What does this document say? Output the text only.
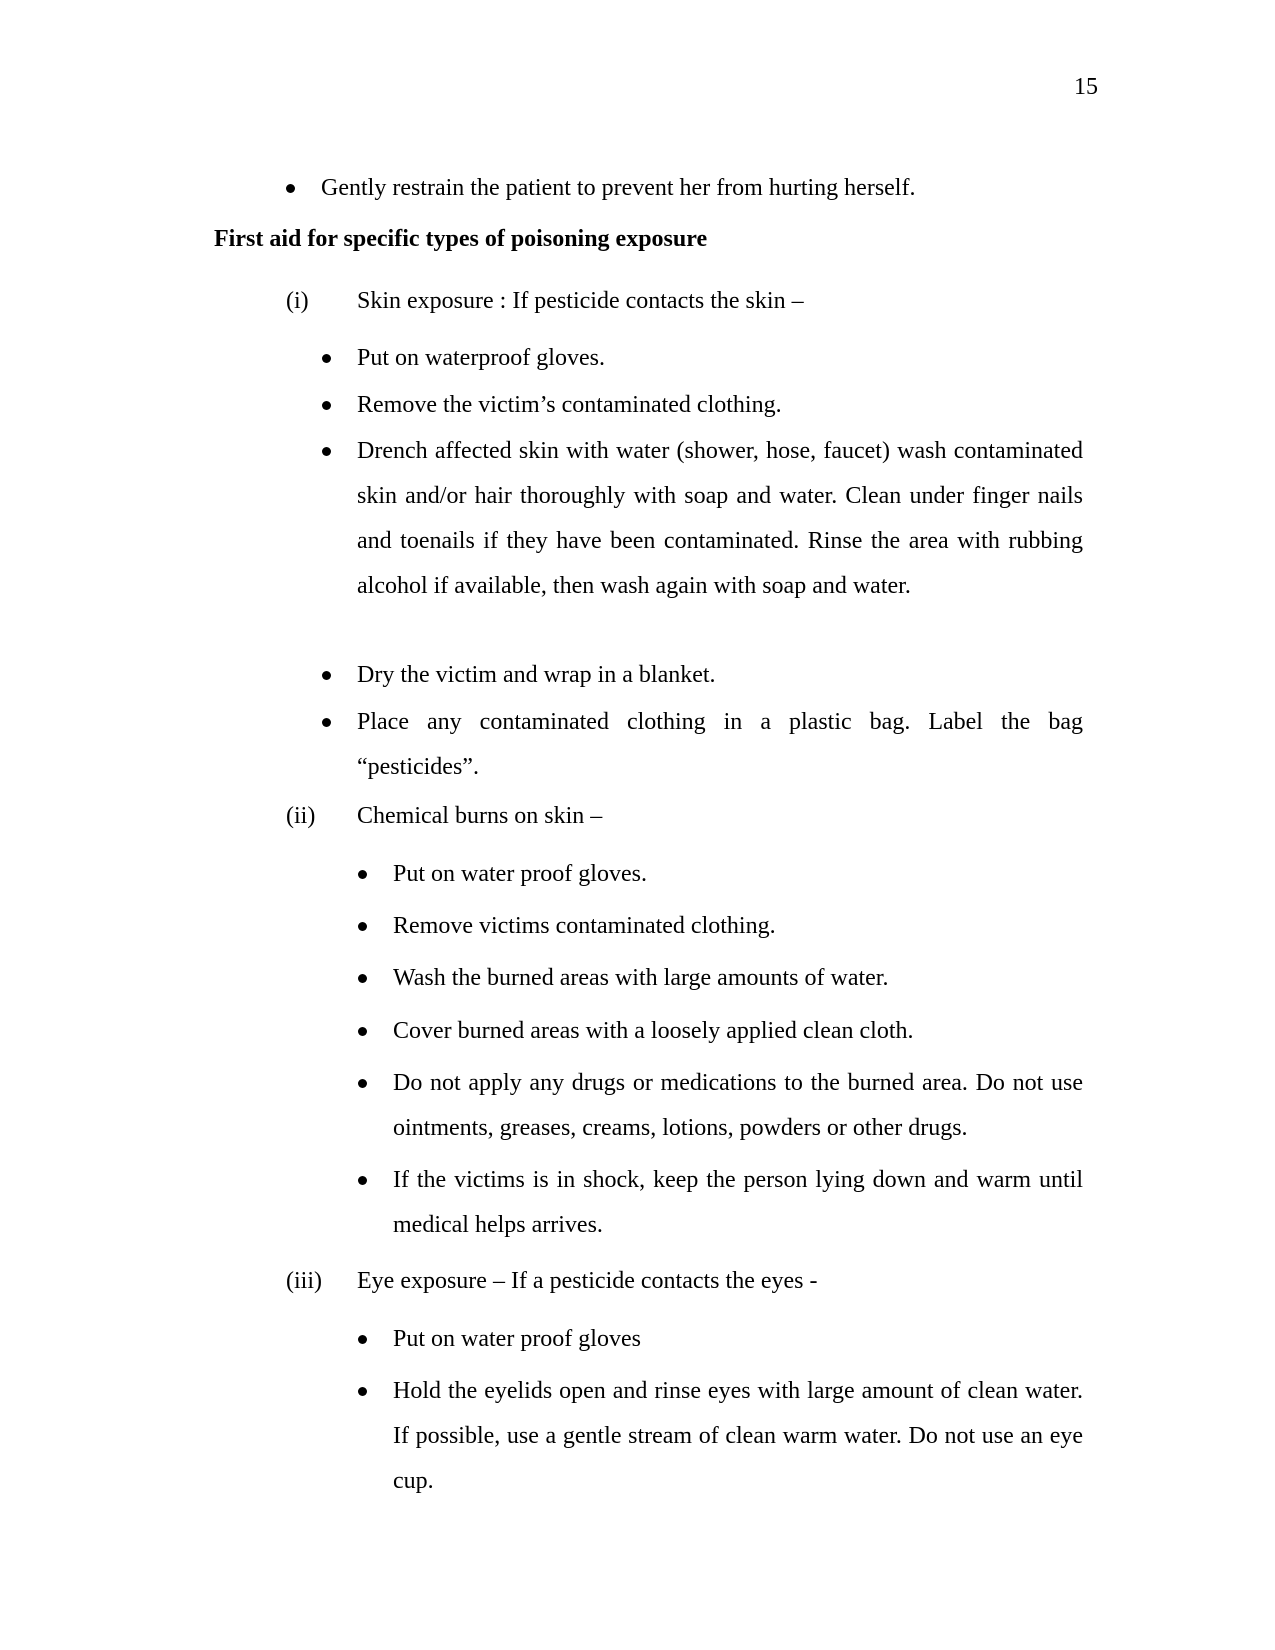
15
Gently restrain the patient to prevent her from hurting herself.
First aid for specific types of poisoning exposure
(i) Skin exposure : If pesticide contacts the skin –
Put on waterproof gloves.
Remove the victim’s contaminated clothing.
Drench affected skin with water (shower, hose, faucet) wash contaminated skin and/or hair thoroughly with soap and water. Clean under finger nails and toenails if they have been contaminated. Rinse the area with rubbing alcohol if available, then wash again with soap and water.
Dry the victim and wrap in a blanket.
Place any contaminated clothing in a plastic bag. Label the bag “pesticides”.
(ii) Chemical burns on skin –
Put on water proof gloves.
Remove victims contaminated clothing.
Wash the burned areas with large amounts of water.
Cover burned areas with a loosely applied clean cloth.
Do not apply any drugs or medications to the burned area. Do not use ointments, greases, creams, lotions, powders or other drugs.
If the victims is in shock, keep the person lying down and warm until medical helps arrives.
(iii) Eye exposure – If a pesticide contacts the eyes -
Put on water proof gloves
Hold the eyelids open and rinse eyes with large amount of clean water. If possible, use a gentle stream of clean warm water. Do not use an eye cup.
